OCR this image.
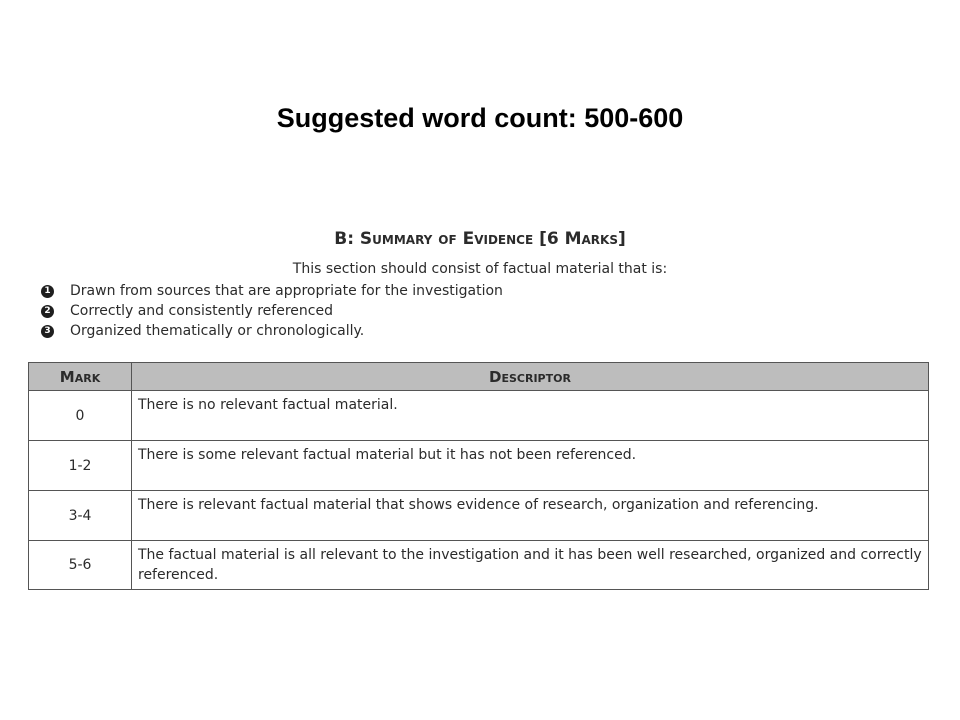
Suggested word count: 500-600
B: Summary of Evidence [6 Marks]
This section should consist of factual material that is:
1 Drawn from sources that are appropriate for the investigation
2 Correctly and consistently referenced
3 Organized thematically or chronologically.
Mark	Descriptor
0	There is no relevant factual material.
1-2	There is some relevant factual material but it has not been referenced.
3-4	There is relevant factual material that shows evidence of research, organization and referencing.
5-6	The factual material is all relevant to the investigation and it has been well researched, organized and correctly referenced.
